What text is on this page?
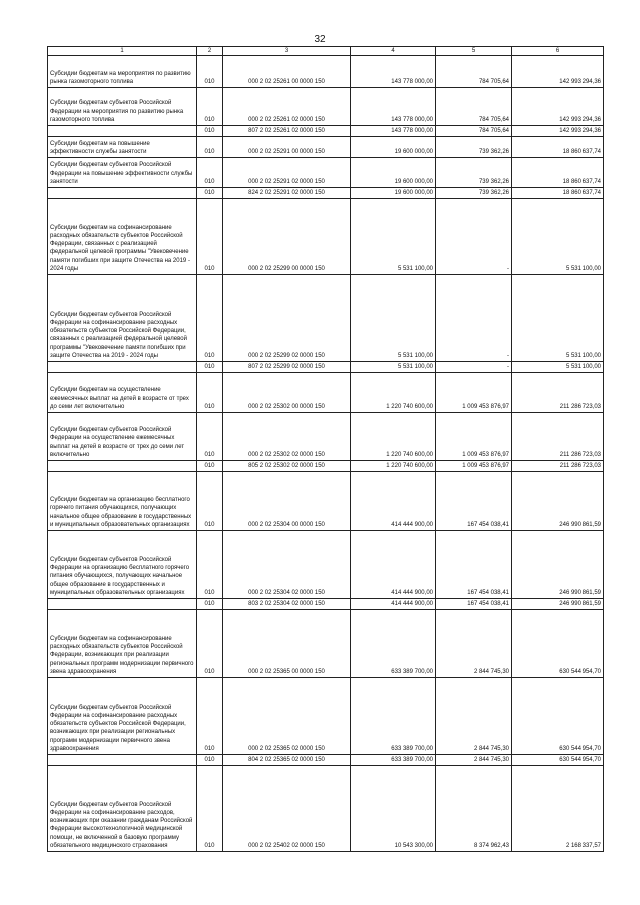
32
1	2	3	4	5	6
Субсидии бюджетам на мероприятия по развитию рынка газомоторного топлива	010	000 2 02 25261 00 0000 150	143 778 000,00	784 705,64	142 993 294,36
Субсидии бюджетам субъектов Российской Федерации на мероприятия по развитию рынка газомоторного топлива	010	000 2 02 25261 02 0000 150	143 778 000,00	784 705,64	142 993 294,36
	010	807 2 02 25261 02 0000 150	143 778 000,00	784 705,64	142 993 294,36
Субсидии бюджетам на повышение эффективности службы занятости	010	000 2 02 25291 00 0000 150	19 600 000,00	739 362,26	18 860 637,74
Субсидии бюджетам субъектов Российской Федерации на повышение эффективности службы занятости	010	000 2 02 25291 02 0000 150	19 600 000,00	739 362,26	18 860 637,74
	010	824 2 02 25291 02 0000 150	19 600 000,00	739 362,26	18 860 637,74
Субсидии бюджетам на софинансирование расходных обязательств субъектов Российской Федерации, связанных с реализацией федеральной целевой программы "Увековечение памяти погибших при защите Отечества на 2019 - 2024 годы	010	000 2 02 25299 00 0000 150	5 531 100,00	-	5 531 100,00
Субсидии бюджетам субъектов Российской Федерации на софинансирование расходных обязательств субъектов Российской Федерации, связанных с реализацией федеральной целевой программы "Увековечение памяти погибших при защите Отечества на 2019 - 2024 годы	010	000 2 02 25299 02 0000 150	5 531 100,00	-	5 531 100,00
	010	807 2 02 25299 02 0000 150	5 531 100,00	-	5 531 100,00
Субсидии бюджетам на осуществление ежемесячных выплат на детей в возрасте от трех до семи лет включительно	010	000 2 02 25302 00 0000 150	1 220 740 600,00	1 009 453 876,97	211 286 723,03
Субсидии бюджетам субъектов Российской Федерации на осуществление ежемесячных выплат на детей в возрасте от трех до семи лет включительно	010	000 2 02 25302 02 0000 150	1 220 740 600,00	1 009 453 876,97	211 286 723,03
	010	805 2 02 25302 02 0000 150	1 220 740 600,00	1 009 453 876,97	211 286 723,03
Субсидии бюджетам на организацию бесплатного горячего питания обучающихся, получающих начальное общее образование в государственных и муниципальных образовательных организациях	010	000 2 02 25304 00 0000 150	414 444 900,00	167 454 038,41	246 990 861,59
Субсидии бюджетам субъектов Российской Федерации на организацию бесплатного горячего питания обучающихся, получающих начальное общее образование в государственных и муниципальных образовательных организациях	010	000 2 02 25304 02 0000 150	414 444 900,00	167 454 038,41	246 990 861,59
	010	803 2 02 25304 02 0000 150	414 444 900,00	167 454 038,41	246 990 861,59
Субсидии бюджетам на софинансирование расходных обязательств субъектов Российской Федерации, возникающих при реализации региональных программ модернизации первичного звена здравоохранения	010	000 2 02 25365 00 0000 150	633 389 700,00	2 844 745,30	630 544 954,70
Субсидии бюджетам субъектов Российской Федерации на софинансирование расходных обязательств субъектов Российской Федерации, возникающих при реализации региональных программ модернизации первичного звена здравоохранения	010	000 2 02 25365 02 0000 150	633 389 700,00	2 844 745,30	630 544 954,70
	010	804 2 02 25365 02 0000 150	633 389 700,00	2 844 745,30	630 544 954,70
Субсидии бюджетам субъектов Российской Федерации на софинансирование расходов, возникающих при оказании гражданам Российской Федерации высокотехнологичной медицинской помощи, не включенной в базовую программу обязательного медицинского страхования	010	000 2 02 25402 02 0000 150	10 543 300,00	8 374 962,43	2 168 337,57
